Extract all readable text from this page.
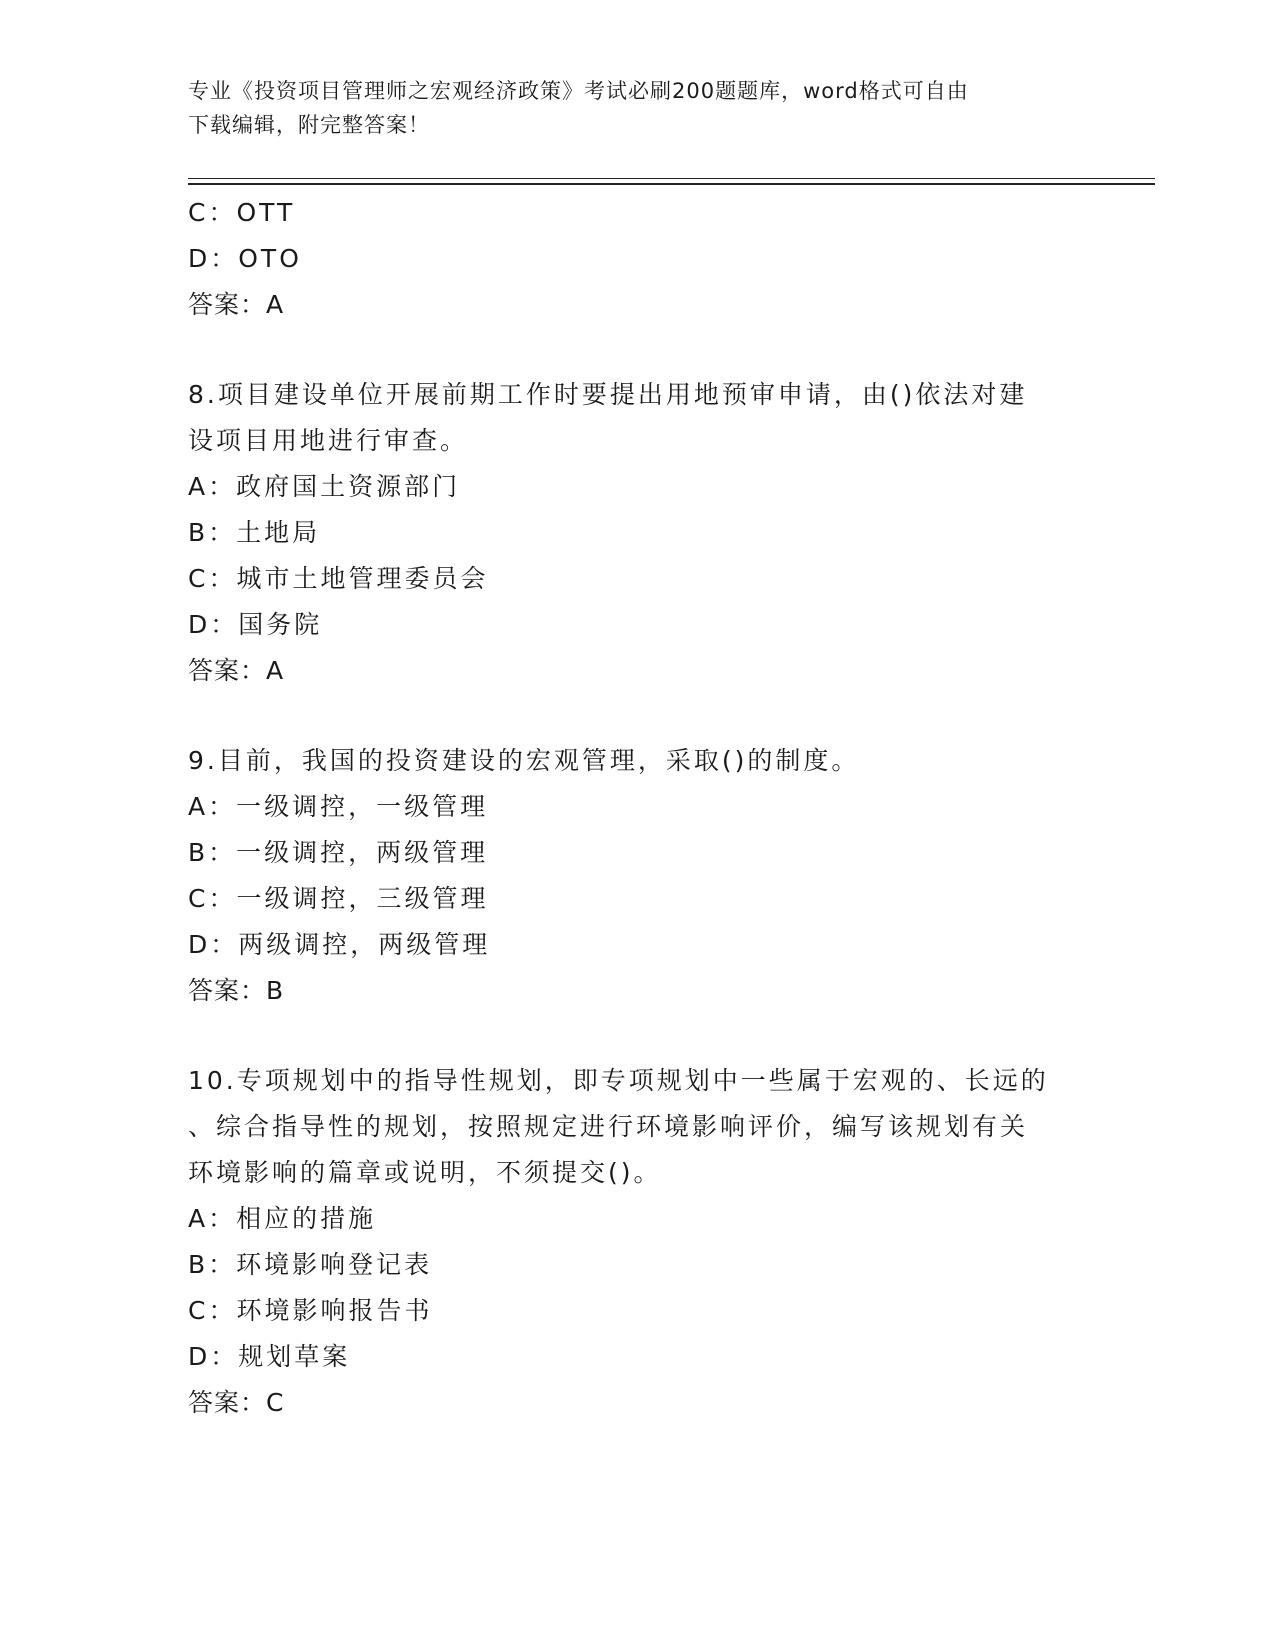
专业《投资项目管理师之宏观经济政策》考试必刷200题题库，word格式可自由
下载编辑，附完整答案！
C：OTT
D：OTO
答案：A
8.项目建设单位开展前期工作时要提出用地预审申请，由()依法对建
设项目用地进行审查。
A：政府国土资源部门
B：土地局
C：城市土地管理委员会
D：国务院
答案：A
9.目前，我国的投资建设的宏观管理，采取()的制度。
A：一级调控，一级管理
B：一级调控，两级管理
C：一级调控，三级管理
D：两级调控，两级管理
答案：B
10.专项规划中的指导性规划，即专项规划中一些属于宏观的、长远的
、综合指导性的规划，按照规定进行环境影响评价，编写该规划有关
环境影响的篇章或说明，不须提交()。
A：相应的措施
B：环境影响登记表
C：环境影响报告书
D：规划草案
答案：C
